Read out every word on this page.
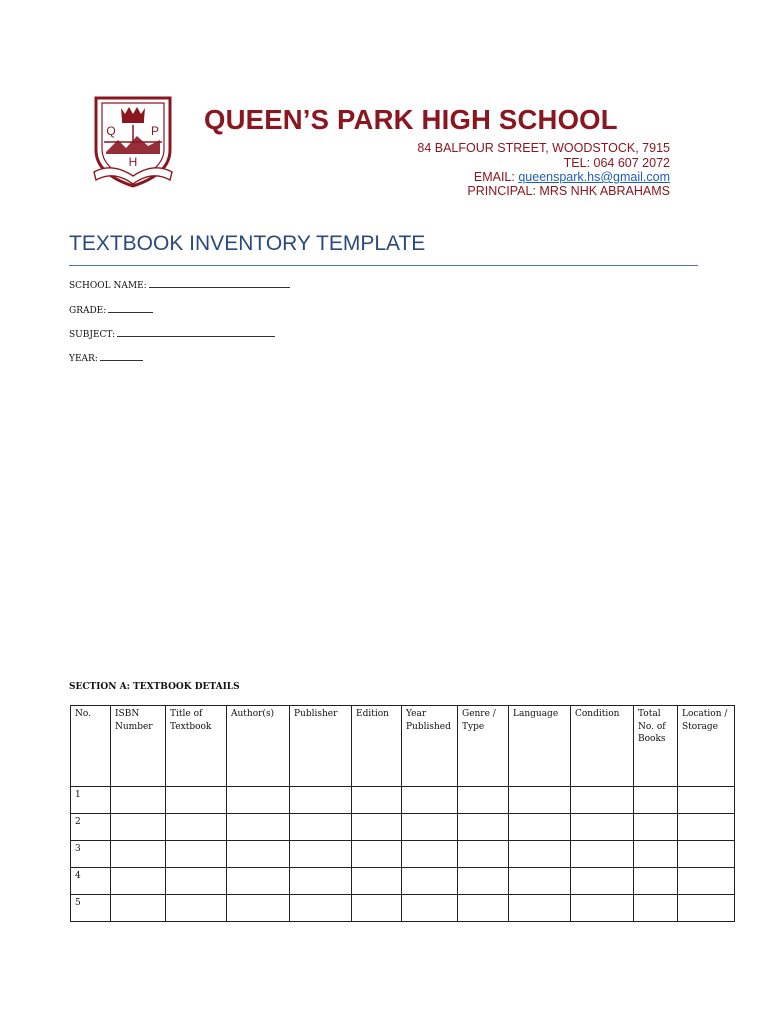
Q	P
H
QUEEN’S PARK HIGH SCHOOL
84 BALFOUR STREET, WOODSTOCK, 7915
TEL: 064 607 2072
EMAIL: queenspark.hs@gmail.com
PRINCIPAL: MRS NHK ABRAHAMS
TEXTBOOK INVENTORY TEMPLATE
SCHOOL NAME:
GRADE:
SUBJECT:
YEAR:
SECTION A: TEXTBOOK DETAILS
No.	ISBN Number	Title of Textbook	Author(s)	Publisher	Edition	Year Published	Genre / Type	Language	Condition	Total No. of Books	Location / Storage
1											
2											
3											
4											
5											
